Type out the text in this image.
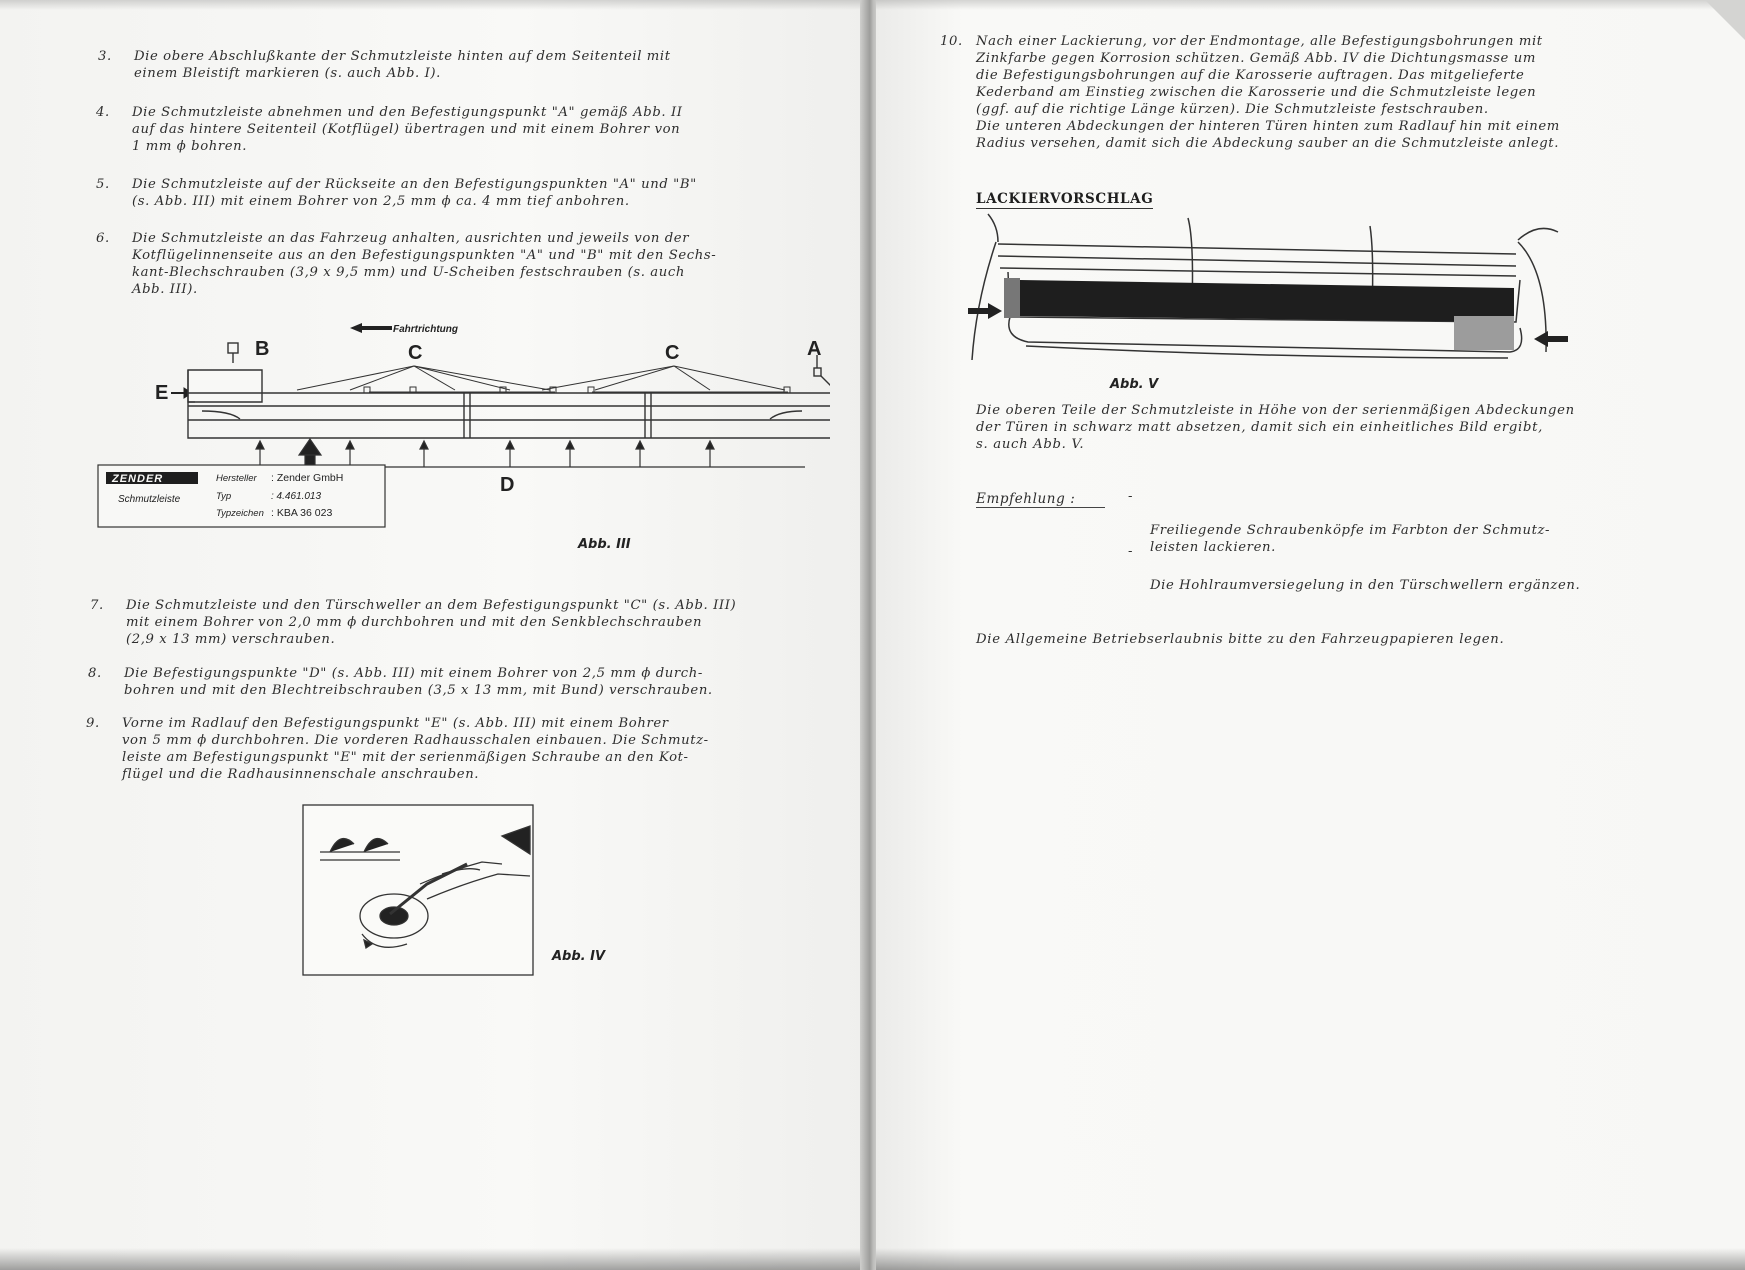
3. Die obere Abschlußkante der Schmutzleiste hinten auf dem Seitenteil mit
einem Bleistift markieren (s. auch Abb. I).
4. Die Schmutzleiste abnehmen und den Befestigungspunkt "A" gemäß Abb. II
auf das hintere Seitenteil (Kotflügel) übertragen und mit einem Bohrer von
1 mm ϕ bohren.
5. Die Schmutzleiste auf der Rückseite an den Befestigungspunkten "A" und "B"
(s. Abb. III) mit einem Bohrer von 2,5 mm ϕ ca. 4 mm tief anbohren.
6. Die Schmutzleiste an das Fahrzeug anhalten, ausrichten und jeweils von der
Kotflügelinnenseite aus an den Befestigungspunkten "A" und "B" mit den Sechs-
kant-Blechschrauben (3,9 x 9,5 mm) und U-Scheiben festschrauben (s. auch
Abb. III).
Fahrtrichtung
B	C	C	A
E
D
ZENDER
Schmutzleiste
Hersteller : Zender GmbH
Typ	: 4.461.013
Typzeichen : KBA 36 023
Abb. III
7. Die Schmutzleiste und den Türschweller an dem Befestigungspunkt "C" (s. Abb. III)
mit einem Bohrer von 2,0 mm ϕ durchbohren und mit den Senkblechschrauben
(2,9 x 13 mm) verschrauben.
8. Die Befestigungspunkte "D" (s. Abb. III) mit einem Bohrer von 2,5 mm ϕ durch-
bohren und mit den Blechtreibschrauben (3,5 x 13 mm, mit Bund) verschrauben.
9. Vorne im Radlauf den Befestigungspunkt "E" (s. Abb. III) mit einem Bohrer
von 5 mm ϕ durchbohren. Die vorderen Radhausschalen einbauen. Die Schmutz-
leiste am Befestigungspunkt "E" mit der serienmäßigen Schraube an den Kot-
flügel und die Radhausinnenschale anschrauben.
Abb. IV
10. Nach einer Lackierung, vor der Endmontage, alle Befestigungsbohrungen mit
Zinkfarbe gegen Korrosion schützen. Gemäß Abb. IV die Dichtungsmasse um
die Befestigungsbohrungen auf die Karosserie auftragen. Das mitgelieferte
Kederband am Einstieg zwischen die Karosserie und die Schmutzleiste legen
(ggf. auf die richtige Länge kürzen). Die Schmutzleiste festschrauben.
Die unteren Abdeckungen der hinteren Türen hinten zum Radlauf hin mit einem
Radius versehen, damit sich die Abdeckung sauber an die Schmutzleiste anlegt.
LACKIERVORSCHLAG
Abb. V
Die oberen Teile der Schmutzleiste in Höhe von der serienmäßigen Abdeckungen
der Türen in schwarz matt absetzen, damit sich ein einheitliches Bild ergibt,
s. auch Abb. V.
Empfehlung :	-

Freiliegende Schraubenköpfe im Farbton der Schmutz-
leisten lackieren.

-

Die Hohlraumversiegelung in den Türschwellern ergänzen.

Die Allgemeine Betriebserlaubnis bitte zu den Fahrzeugpapieren legen.
